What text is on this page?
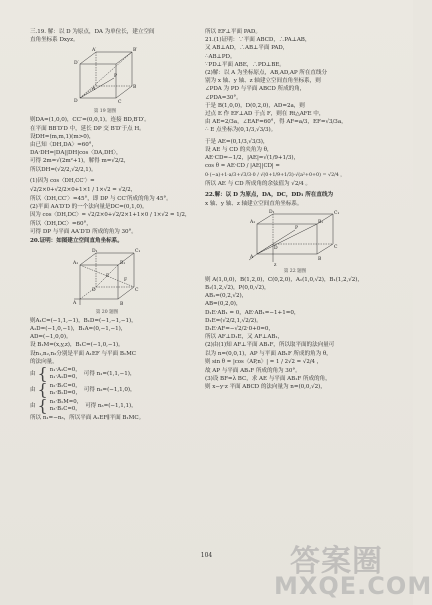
三.19. 解：以 D 为原点，DA 为单位长，建立空间
直角坐标系 Dxyz。
D	C
D′
A′	B′
B
P
A
第 19 题图
则DA=(1,0,0)，CC′=(0,0,1)。连接 BD,B′D′。
在平面 BB′D′D 中，延长 DP 交 B′D′于点 H。
设DH=(m,m,1)(m>0)，
由已知〈DH,DA〉=60°，
DA·DH=|DA||DH|cos〈DA,DH〉，
可得 2m=√(2m²+1)，解得 m=√2/2，
所以DH=(√2/2,√2/2,1)。
(1)因为 cos〈DH,CC′〉=
√2/2×0+√2/2×0+1×1 / 1×√2 = √2/2，
所以〈DH,CC′〉=45°，即 DP 与 CC′所成的角为 45°。
(2)平面 AA′D′D 的一个法向量是DC=(0,1,0)。
因为 cos〈DH,DC〉= √2/2×0+√2/2×1+1×0 / 1×√2 = 1/2，
所以〈DH,DC〉=60°，
可得 DP 与平面 AA′D′D 所成的角为 30°。
20.证明：如图建立空间直角坐标系。
A₁
D₁
B₁
C₁
A	B
C
D
E
F
第 20 题图
则A₁C=(−1,1,−1)，B₁D=(−1,−1,−1)，
A₁D=(−1,0,−1)，B₁A=(0,−1,−1)，
AD=(−1,0,0)。
设 B₁M=(x,y,z)，B₁C=(−1,0,−1)。
设n₁,n₂,n₃分别是平面 A₁EF 与平面 B₁MC
的法向量，
由 { n₁·A₁C=0，
n₁·A₁D=0，
可得 n₁=(1,1,−1)，
由 { n₂·B₁C=0，
n₂·B₁D=0，
可得 n₂=(−1,1,0)，
由 { n₃·B₁M=0，
n₃·B₁C=0，
可得 n₃=(−1,1,1)，
所以 n₁=−n₃，所以平面 A₁EF∥平面 B₁MC。
所以 EF⊥平面 PAD。
21.(1)证明：∵平面 ABCD，∴PA⊥AB，
又 AB⊥AD，∴AB⊥平面 PAD，
∴AB⊥PD。
∵PD⊥平面 ABE，∴PD⊥BE。
(2)解：以 A 为坐标原点，AB,AD,AP 所在直线分
别为 x 轴、y 轴、z 轴建立空间直角坐标系，则
∠PDA 为 PD 与平面 ABCD 所成的角，
∠PDA=30°。
于是 B(1,0,0)，D(0,2,0)，AD=2a，则
过点 E 作 EF⊥AD 于点 F，则在 Rt△AFE 中，
由 AE=2/3a，∠EAF=60°，得 AF=a/3，EF=√3/3a，
∴ E 点坐标为(0,1/3,√3/3)。
于是 AE=(0,1/3,√3/3)，
设 AE 与 CD 的夹角为 θ，
AE·CD=−1/2，|AE|=√(1/9+1/3)，
cos θ = AE·CD / |AE||CD| =
0·(−a)+1·a/3+√3/3·0 / √(0+1/9+1/3)·√(a²+0+0) = √2/4 ，
所以 AE 与 CD 所成角的余弦值为 √2/4 。
22.解：以 D 为原点，DA，DC，DD₁ 所在直线为
x 轴、y 轴、z 轴建立空间直角坐标系。
A₁
D₁
B₁
C₁
A	B
C
D
P
z
第 22 题图
则 A(1,0,0)，B(1,2,0)，C(0,2,0)，A₁(1,0,√2)，B₁(1,2,√2)，
B₁(1,2,√2)，P(0,0,√2)，
AB₁=(0,2,√2)，
AB=(0,2,0)，
D₁E·AB₁ = 0，AE·AB₁=−1+1=0，
D₁E=(√2/2,1,√2/2)。
D₁E·AF=−√2/2·0+0=0，
所以 AF⊥D₁E，又 AF⊥AB₁，
(2)由(1)知 AF⊥平面 AB₁F，所以取平面的法向量可
以为 n=(0,0,1)，AP 与平面 AB₁F 所成的角为 θ，
则 sin θ = |cos〈AP,n〉| = 1 / 2√2 = √2/4 ，
故 AP 与平面 AB₁F 所成的角为 30°。
(3)设 BF=λ BC，求 AE 与平面 AB₁F 所成的角，
则 x−y·z 平面 ABCD 的法向量为 n=(0,0,√2)，
104	答案圈
MXQE.COM
